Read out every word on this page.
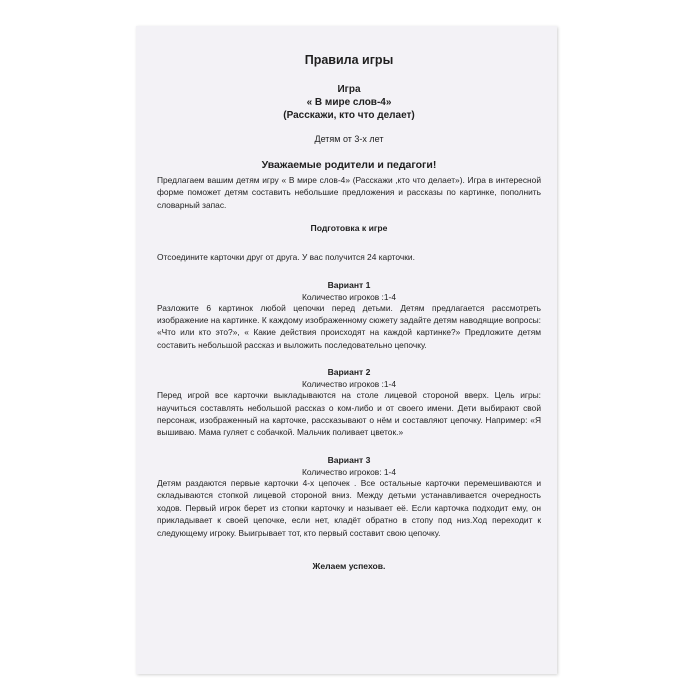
Правила игры
Игра
« В мире слов-4»
(Расскажи, кто что делает)
Детям от 3-х лет
Уважаемые родители и педагоги!

Предлагаем вашим детям игру « В мире слов-4» (Расскажи ,кто что делает»). Игра в интересной форме поможет детям составить небольшие предложения и рассказы по картинке, пополнить словарный запас.

Подготовка к игре

Отсоедините карточки друг от друга. У вас получится 24 карточки.

Вариант 1
Количество игроков :1-4

Разложите 6 картинок любой цепочки перед детьми. Детям предлагается рассмотреть изображение на картинке. К каждому изображенному сюжету задайте детям наводящие вопросы: «Что или кто это?», « Какие действия происходят на каждой картинке?» Предложите детям составить небольшой рассказ и выложить последовательно цепочку.

Вариант 2
Количество игроков :1-4

Перед игрой все карточки выкладываются на столе лицевой стороной вверх. Цель игры: научиться составлять небольшой рассказ о ком-либо и от своего имени. Дети выбирают свой персонаж, изображенный на карточке, рассказывают о нём и составляют цепочку. Например: «Я вышиваю. Мама гуляет с собачкой. Мальчик поливает цветок.»

Вариант 3
Количество игроков: 1-4

Детям раздаются первые карточки 4-х цепочек . Все остальные карточки перемешиваются и складываются стопкой лицевой стороной вниз. Между детьми устанавливается очередность ходов. Первый игрок берет из стопки карточку и называет её. Если карточка подходит ему, он прикладывает к своей цепочке, если нет, кладёт обратно в стопу под низ.Ход переходит к следующему игроку. Выигрывает тот, кто первый составит свою цепочку.

Желаем успехов.
